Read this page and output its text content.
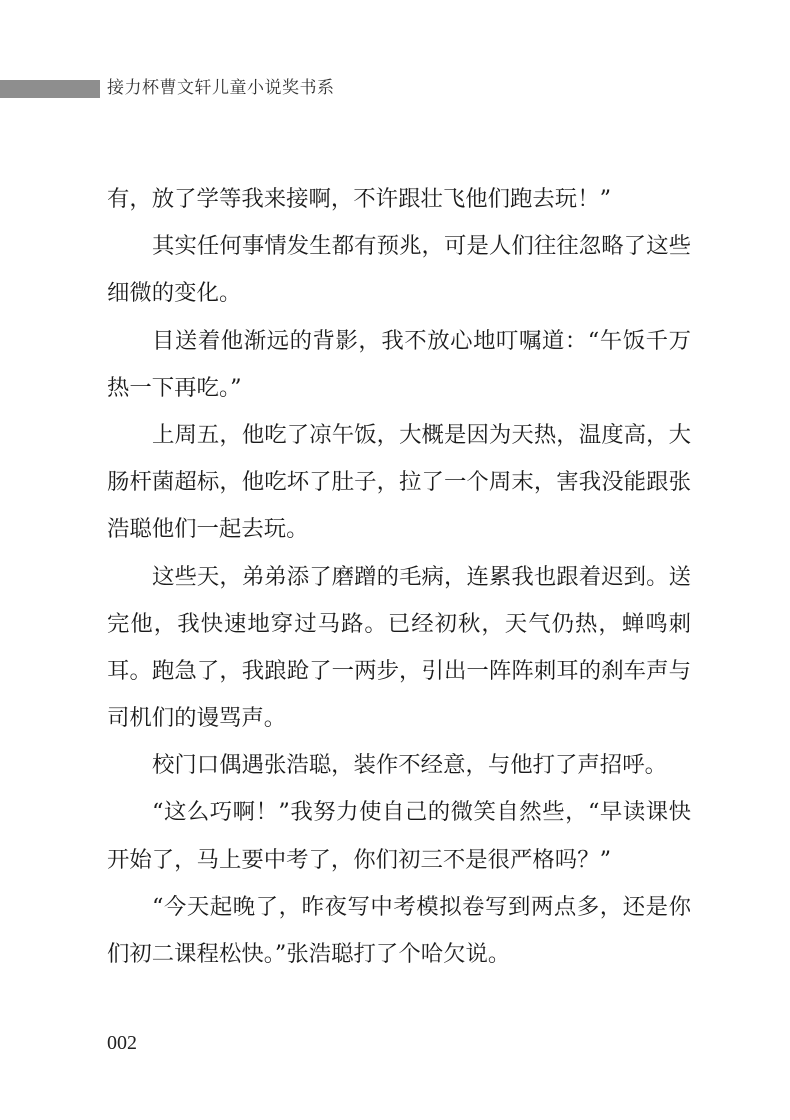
接力杯曹文轩儿童小说奖书系
有，放了学等我来接啊，不许跟壮飞他们跑去玩！”
其实任何事情发生都有预兆，可是人们往往忽略了这些
细微的变化。
目送着他渐远的背影，我不放心地叮嘱道：“午饭千万
热一下再吃。”
上周五，他吃了凉午饭，大概是因为天热，温度高，大
肠杆菌超标，他吃坏了肚子，拉了一个周末，害我没能跟张
浩聪他们一起去玩。
这些天，弟弟添了磨蹭的毛病，连累我也跟着迟到。送
完他，我快速地穿过马路。已经初秋，天气仍热，蝉鸣刺
耳。跑急了，我踉跄了一两步，引出一阵阵刺耳的刹车声与
司机们的谩骂声。
校门口偶遇张浩聪，装作不经意，与他打了声招呼。
“这么巧啊！”我努力使自己的微笑自然些，“早读课快
开始了，马上要中考了，你们初三不是很严格吗？”
“今天起晚了，昨夜写中考模拟卷写到两点多，还是你
们初二课程松快。”张浩聪打了个哈欠说。
002
